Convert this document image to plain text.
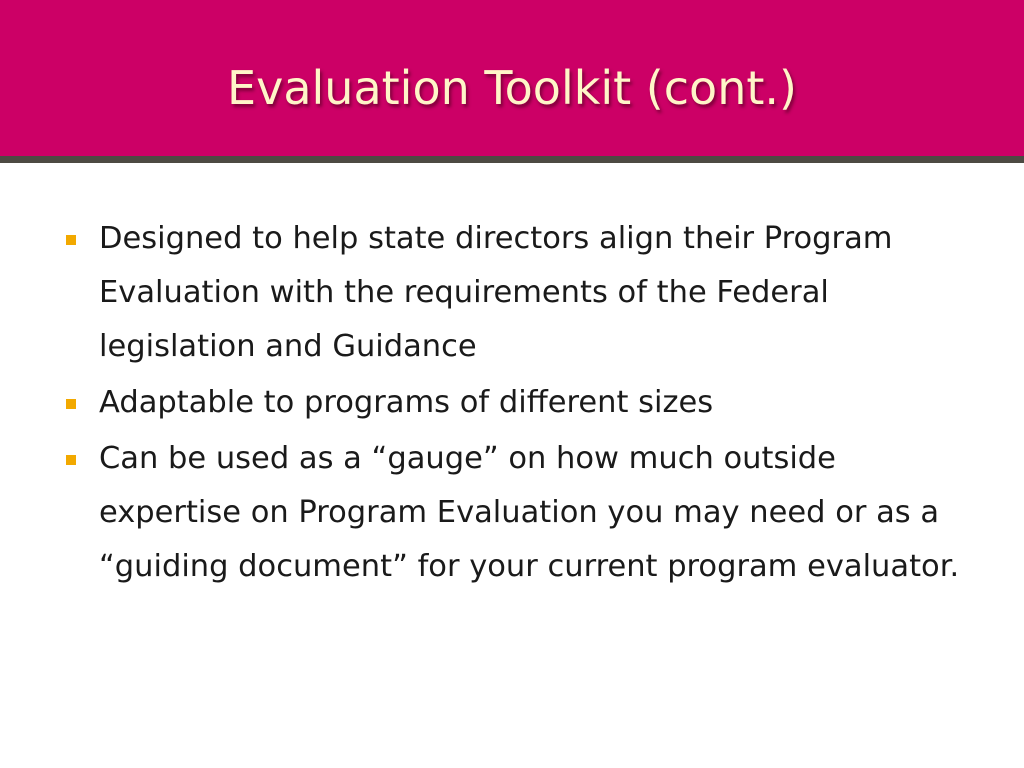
Evaluation Toolkit (cont.)
Designed to help state directors align their Program Evaluation with the requirements of the Federal legislation and Guidance
Adaptable to programs of different sizes
Can be used as a “gauge” on how much outside expertise on Program Evaluation you may need or as a “guiding document” for your current program evaluator.
